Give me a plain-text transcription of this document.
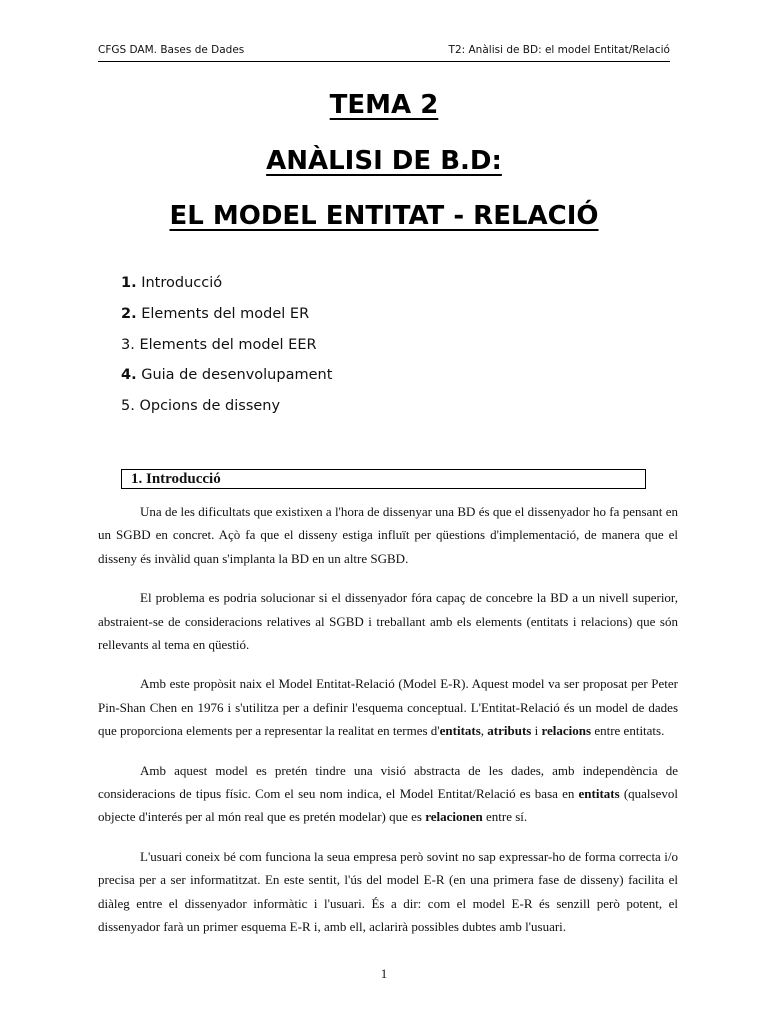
CFGS DAM. Bases de Dades	T2: Anàlisi de BD: el model Entitat/Relació
TEMA 2
ANÀLISI DE B.D:
EL MODEL ENTITAT - RELACIÓ
1. Introducció
2. Elements del model ER
3. Elements del model EER
4. Guia de desenvolupament
5. Opcions de disseny
1. Introducció

Una de les dificultats que existixen a l'hora de dissenyar una BD és que el dissenyador ho fa pensant en un SGBD en concret. Açò fa que el disseny estiga influït per qüestions d'implementació, de manera que el disseny és invàlid quan s'implanta la BD en un altre SGBD.

El problema es podria solucionar si el dissenyador fóra capaç de concebre la BD a un nivell superior, abstraient-se de consideracions relatives al SGBD i treballant amb els elements (entitats i relacions) que són rellevants al tema en qüestió.

Amb este propòsit naix el Model Entitat-Relació (Model E-R). Aquest model va ser proposat per Peter Pin-Shan Chen en 1976 i s'utilitza per a definir l'esquema conceptual. L'Entitat-Relació és un model de dades que proporciona elements per a representar la realitat en termes d'entitats, atributs i relacions entre entitats.

Amb aquest model es pretén tindre una visió abstracta de les dades, amb independència de consideracions de tipus físic. Com el seu nom indica, el Model Entitat/Relació es basa en entitats (qualsevol objecte d'interés per al món real que es pretén modelar) que es relacionen entre sí.

L'usuari coneix bé com funciona la seua empresa però sovint no sap expressar-ho de forma correcta i/o precisa per a ser informatitzat. En este sentit, l'ús del model E-R (en una primera fase de disseny) facilita el diàleg entre el dissenyador informàtic i l'usuari. És a dir: com el model E-R és senzill però potent, el dissenyador farà un primer esquema E-R i, amb ell, aclarirà possibles dubtes amb l'usuari.

1
